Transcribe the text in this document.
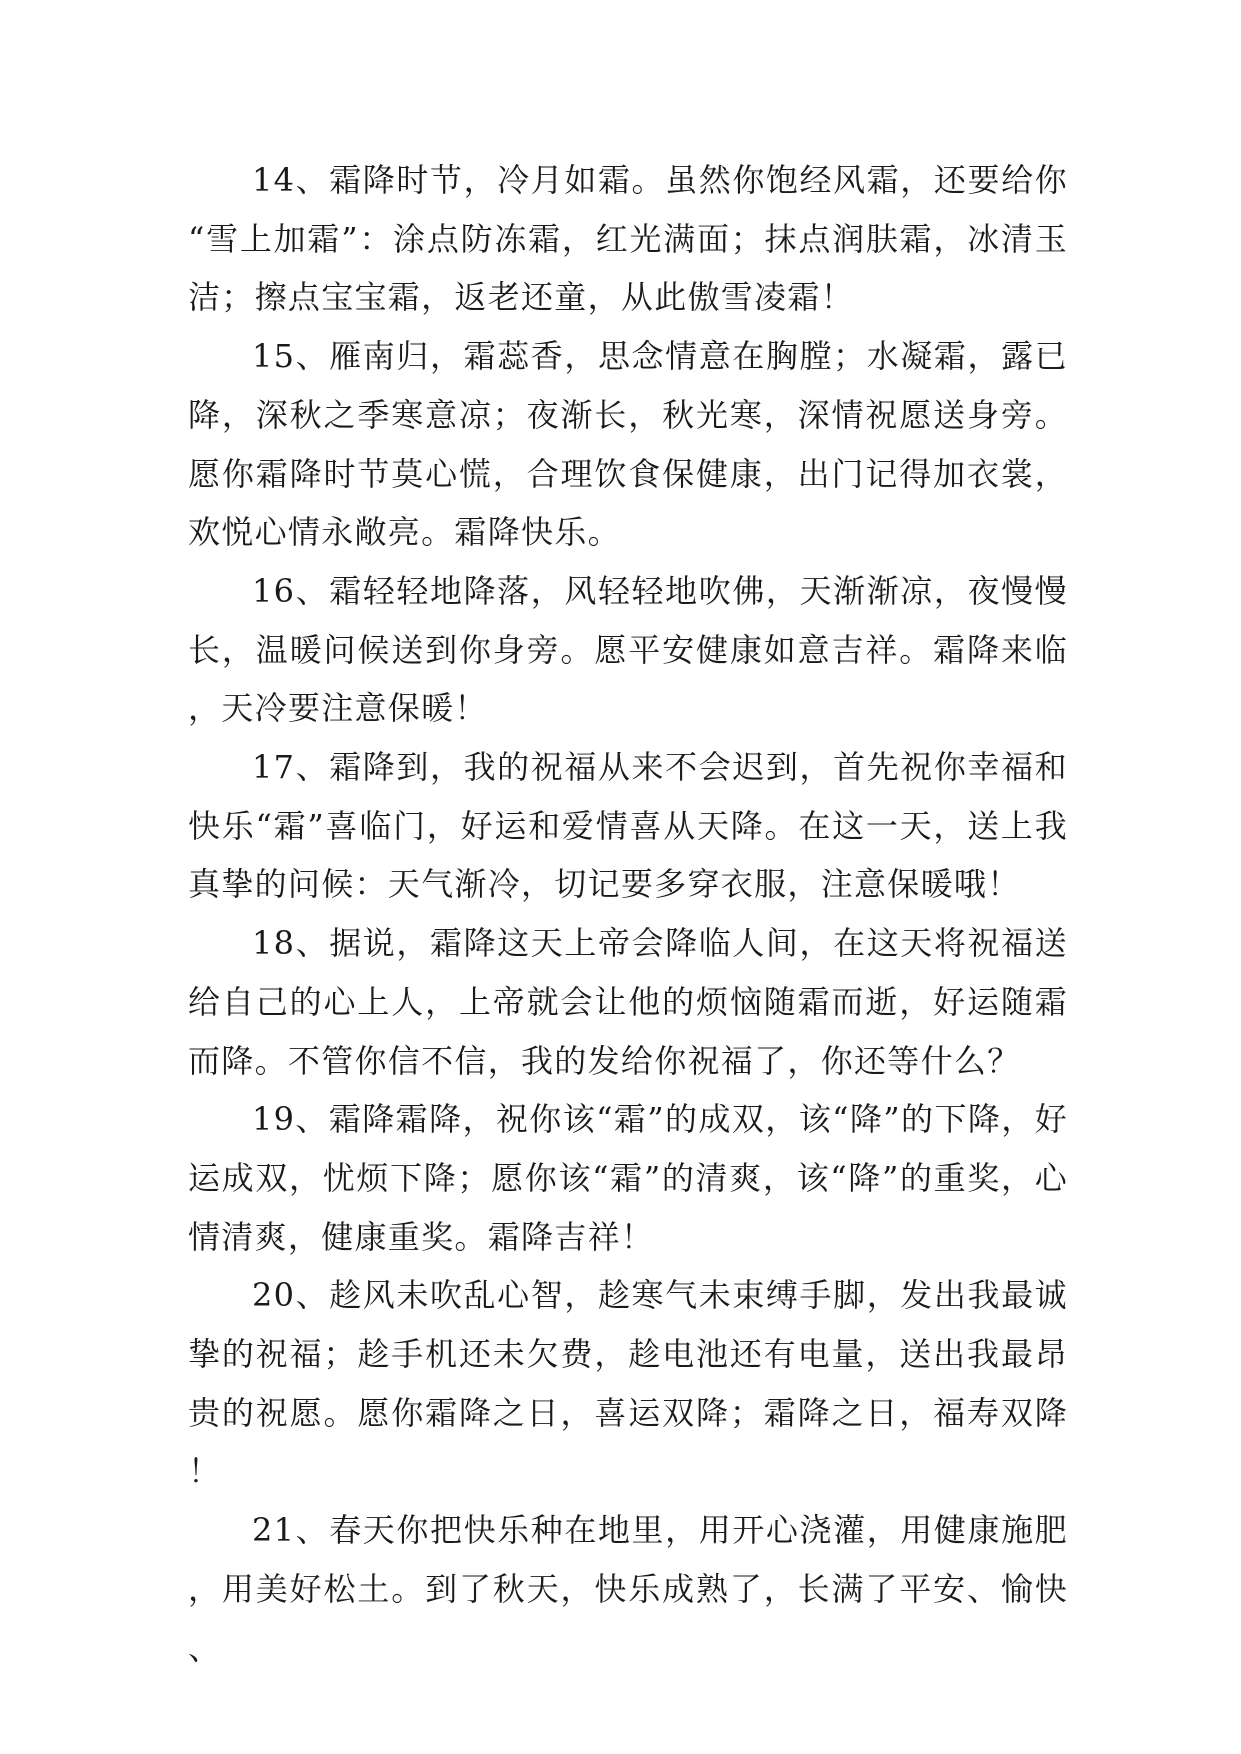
14、霜降时节，冷月如霜。虽然你饱经风霜，还要给你“雪上加霜”：涂点防冻霜，红光满面；抹点润肤霜，冰清玉洁；擦点宝宝霜，返老还童，从此傲雪凌霜！

15、雁南归，霜蕊香，思念情意在胸膛；水凝霜，露已降，深秋之季寒意凉；夜渐长，秋光寒，深情祝愿送身旁。愿你霜降时节莫心慌，合理饮食保健康，出门记得加衣裳，欢悦心情永敞亮。霜降快乐。

16、霜轻轻地降落，风轻轻地吹佛，天渐渐凉，夜慢慢长，温暖问候送到你身旁。愿平安健康如意吉祥。霜降来临，天冷要注意保暖！

17、霜降到，我的祝福从来不会迟到，首先祝你幸福和快乐“霜”喜临门，好运和爱情喜从天降。在这一天，送上我真挚的问候：天气渐冷，切记要多穿衣服，注意保暖哦！

18、据说，霜降这天上帝会降临人间，在这天将祝福送给自己的心上人，上帝就会让他的烦恼随霜而逝，好运随霜而降。不管你信不信，我的发给你祝福了，你还等什么？

19、霜降霜降，祝你该“霜”的成双，该“降”的下降，好运成双，忧烦下降；愿你该“霜”的清爽，该“降”的重奖，心情清爽，健康重奖。霜降吉祥！

20、趁风未吹乱心智，趁寒气未束缚手脚，发出我最诚挚的祝福；趁手机还未欠费，趁电池还有电量，送出我最昂贵的祝愿。愿你霜降之日，喜运双降；霜降之日，福寿双降！

21、春天你把快乐种在地里，用开心浇灌，用健康施肥，用美好松土。到了秋天，快乐成熟了，长满了平安、愉快、
